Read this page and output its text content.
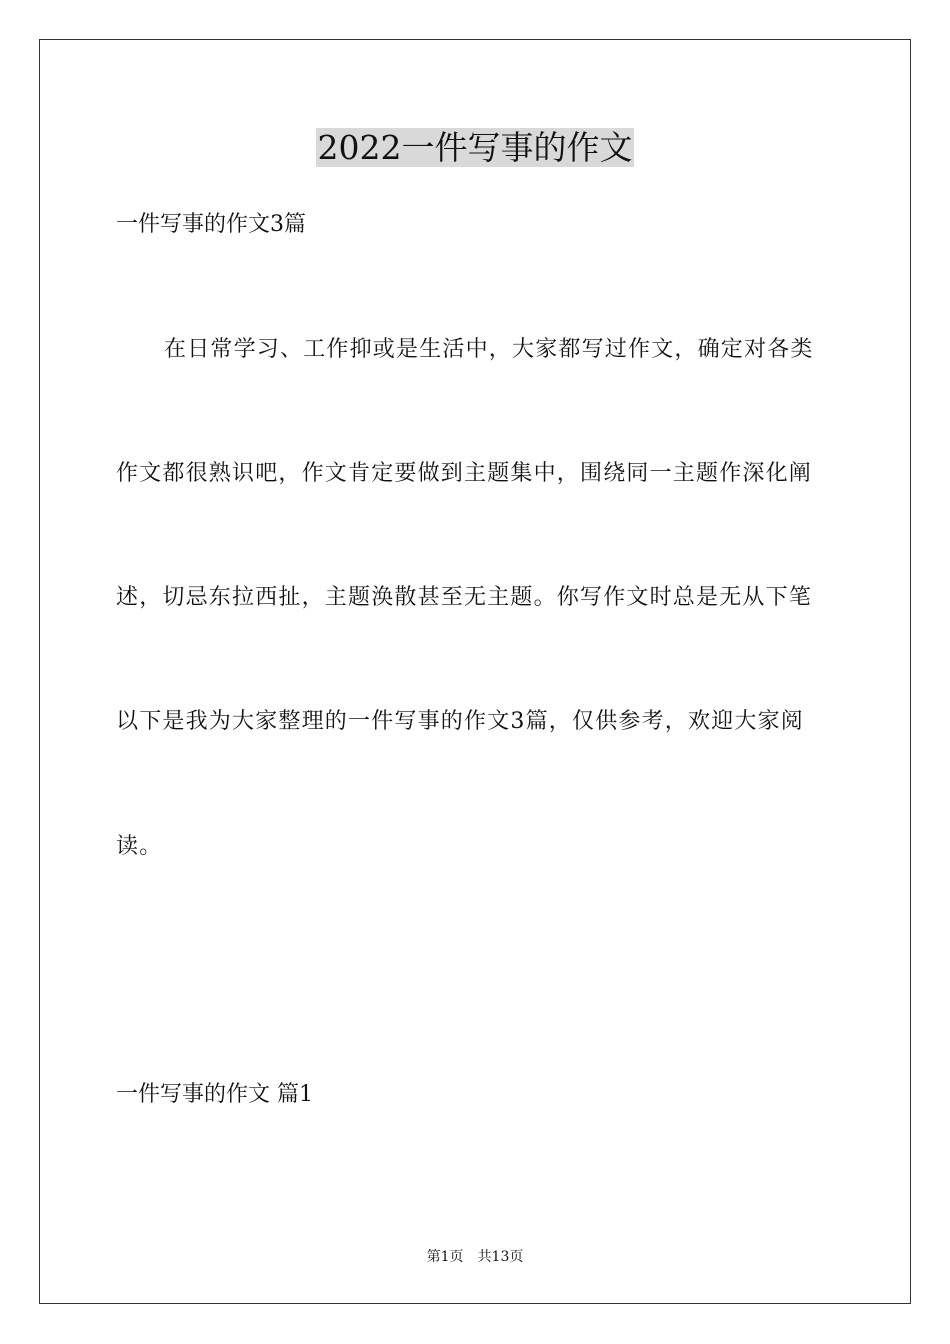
2022一件写事的作文
一件写事的作文3篇
在日常学习、工作抑或是生活中，大家都写过作文，确定对各类
作文都很熟识吧，作文肯定要做到主题集中，围绕同一主题作深化阐
述，切忌东拉西扯，主题涣散甚至无主题。你写作文时总是无从下笔
以下是我为大家整理的一件写事的作文3篇，仅供参考，欢迎大家阅
读。
一件写事的作文 篇1
第1页　共13页
